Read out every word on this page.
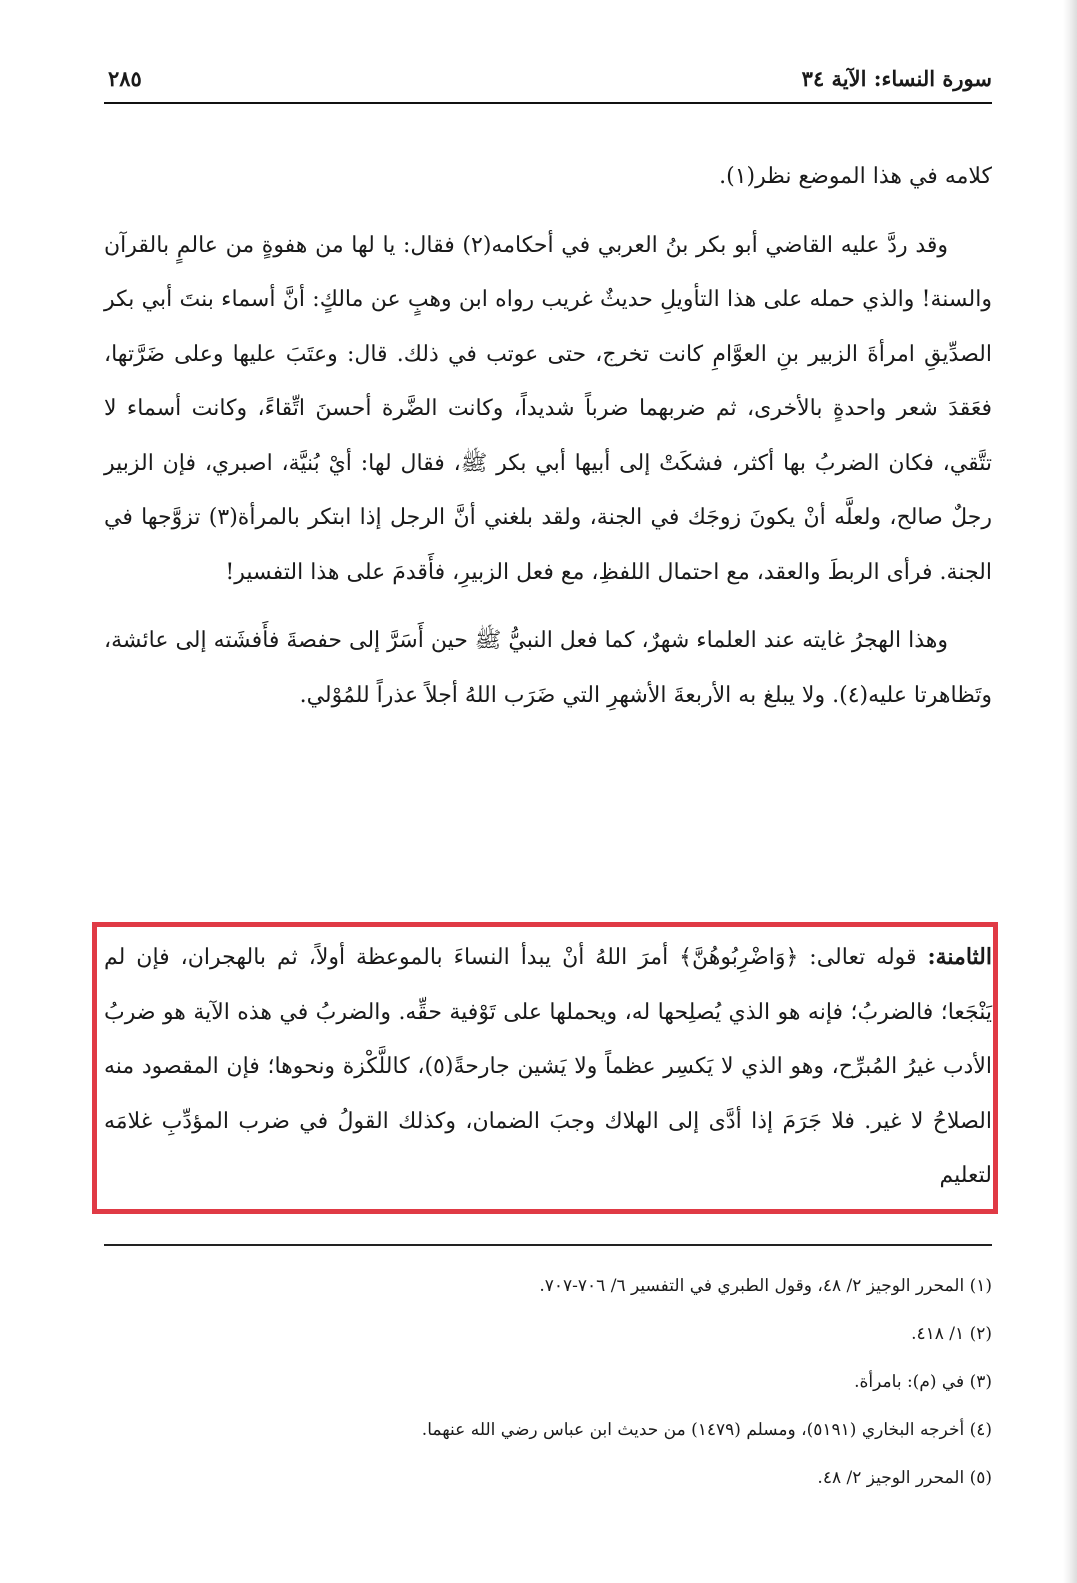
سورة النساء: الآية ٣٤
٢٨٥

كلامه في هذا الموضع نظر(١).

وقد ردَّ عليه القاضي أبو بكر بنُ العربي في أحكامه(٢) فقال: يا لها من هفوةٍ من عالمٍ بالقرآن والسنة! والذي حمله على هذا التأويلِ حديثٌ غريب رواه ابن وهبٍ عن مالكٍ: أنَّ أسماء بنتَ أبي بكر الصدِّيقِ امرأةَ الزبير بنِ العوَّامِ كانت تخرج، حتى عوتب في ذلك. قال: وعتَبَ عليها وعلى ضَرَّتها، فعَقدَ شعر واحدةٍ بالأخرى، ثم ضربهما ضرباً شديداً، وكانت الضَّرة أحسنَ اتِّقاءً، وكانت أسماء لا تتَّقي، فكان الضربُ بها أكثر، فشكَتْ إلى أبيها أبي بكر ﷺ، فقال لها: أيْ بُنيَّة، اصبري، فإن الزبير رجلٌ صالح، ولعلَّه أنْ يكونَ زوجَك في الجنة، ولقد بلغني أنَّ الرجل إذا ابتكر بالمرأة(٣) تزوَّجها في الجنة. فرأى الربطَ والعقد، مع احتمال اللفظِ، مع فعل الزبيرِ، فأَقدمَ على هذا التفسير!

وهذا الهجرُ غايته عند العلماء شهرٌ، كما فعل النبيُّ ﷺ حين أَسَرَّ إلى حفصةَ فأَفشَته إلى عائشة، وتَظاهرتا عليه(٤). ولا يبلغ به الأربعةَ الأشهرِ التي ضَرَب اللهُ أجلاً عذراً للمُوْلي.

الثامنة: قوله تعالى: ﴿وَاضْرِبُوهُنَّ﴾ أمرَ اللهُ أنْ يبدأ النساءَ بالموعظة أولاً، ثم بالهجران، فإن لم يَنْجَعا؛ فالضربُ؛ فإنه هو الذي يُصلِحها له، ويحملها على تَوْفية حقِّه. والضربُ في هذه الآية هو ضربُ الأدب غيرُ المُبرِّح، وهو الذي لا يَكسِر عظماً ولا يَشين جارحةً(٥)، كاللَّكْزة ونحوها؛ فإن المقصود منه الصلاحُ لا غير. فلا جَرَمَ إذا أدَّى إلى الهلاك وجبَ الضمان، وكذلك القولُ في ضرب المؤدِّبِ غلامَه لتعليم

(١) المحرر الوجيز ٢/ ٤٨، وقول الطبري في التفسير ٦/ ٧٠٦-٧٠٧.

(٢) ١/ ٤١٨.

(٣) في (م): بامرأة.

(٤) أخرجه البخاري (٥١٩١)، ومسلم (١٤٧٩) من حديث ابن عباس رضي الله عنهما.

(٥) المحرر الوجيز ٢/ ٤٨.
